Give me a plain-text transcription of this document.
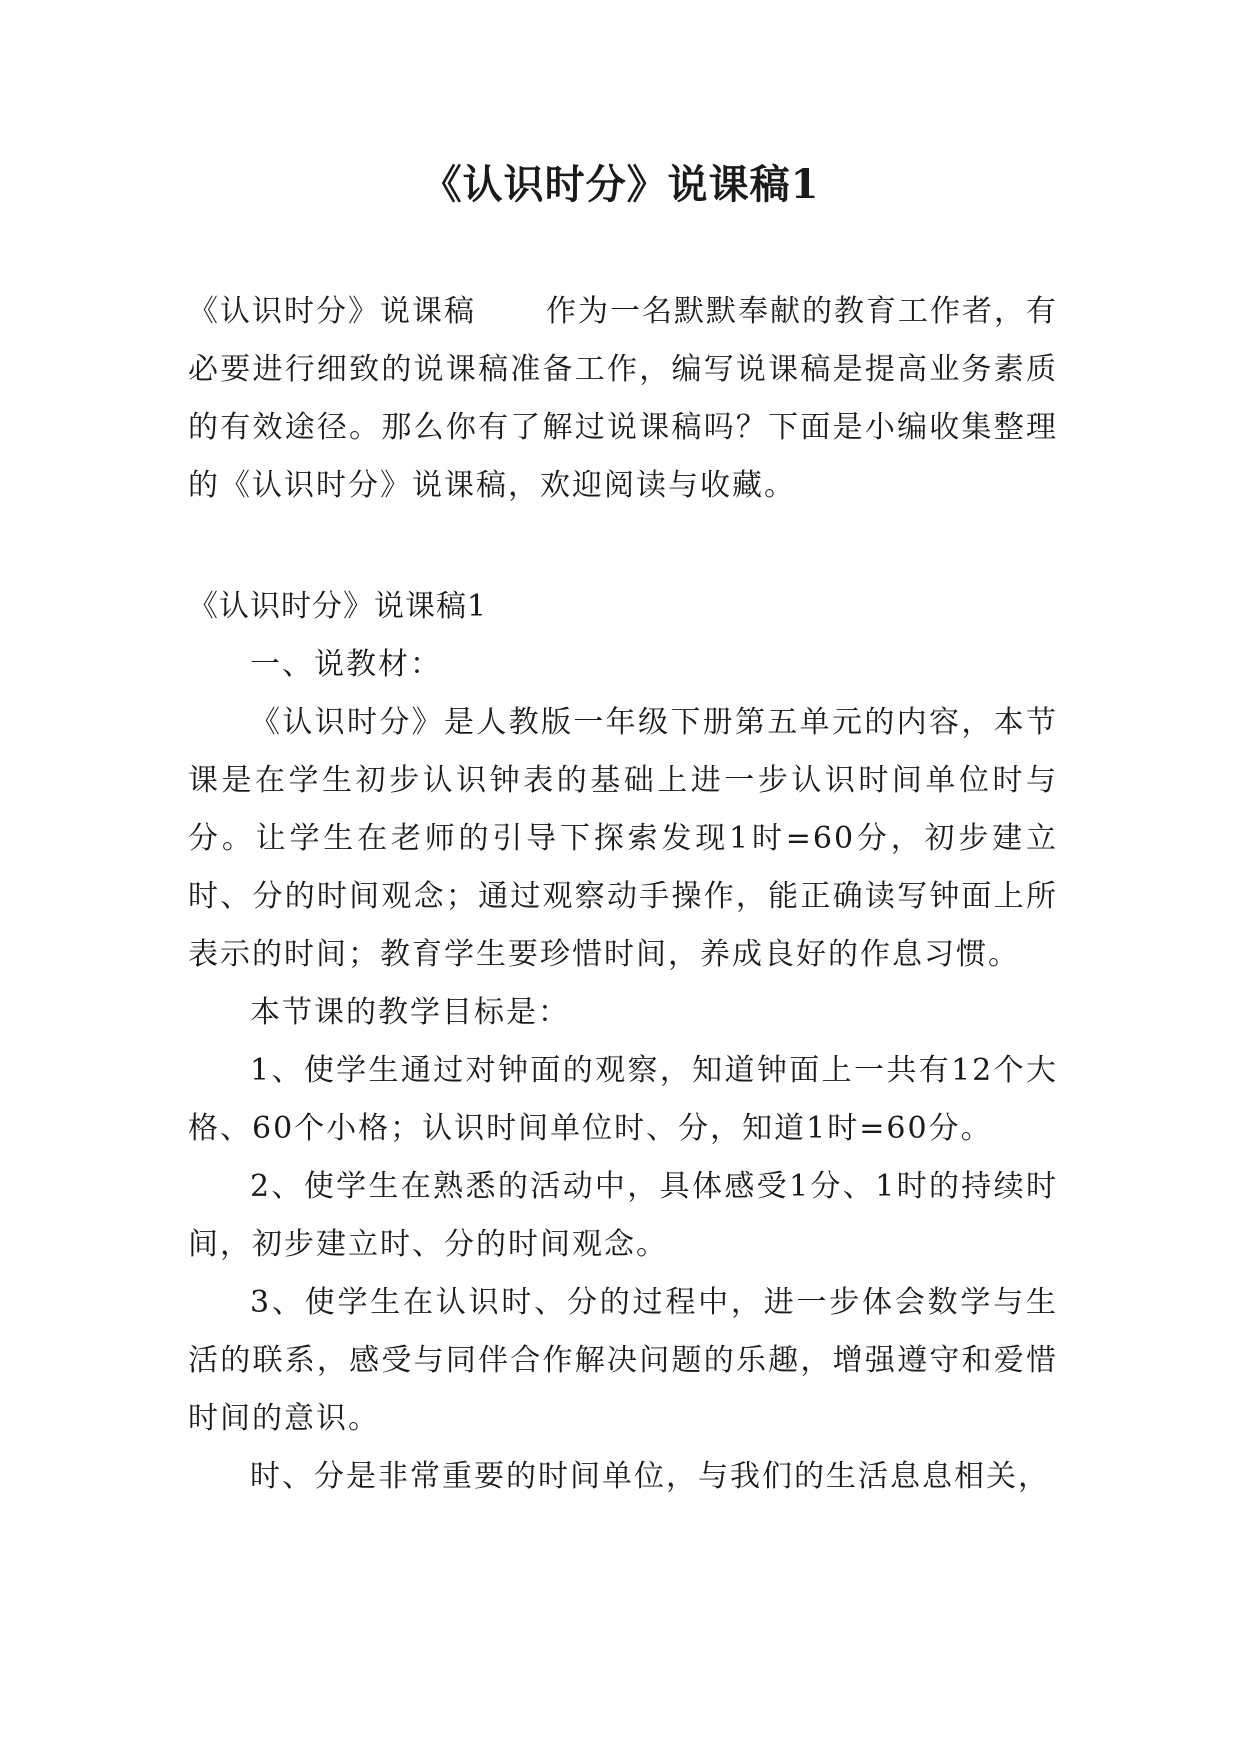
《认识时分》说课稿1

《认识时分》说课稿 作为一名默默奉献的教育工作者，有必要进行细致的说课稿准备工作，编写说课稿是提高业务素质的有效途径。那么你有了解过说课稿吗？下面是小编收集整理的《认识时分》说课稿，欢迎阅读与收藏。

《认识时分》说课稿1

一、说教材：

《认识时分》是人教版一年级下册第五单元的内容，本节课是在学生初步认识钟表的基础上进一步认识时间单位时与分。让学生在老师的引导下探索发现1时=60分，初步建立时、分的时间观念；通过观察动手操作，能正确读写钟面上所表示的时间；教育学生要珍惜时间，养成良好的作息习惯。

本节课的教学目标是：

1、使学生通过对钟面的观察，知道钟面上一共有12个大格、60个小格；认识时间单位时、分，知道1时=60分。

2、使学生在熟悉的活动中，具体感受1分、1时的持续时间，初步建立时、分的时间观念。

3、使学生在认识时、分的过程中，进一步体会数学与生活的联系，感受与同伴合作解决问题的乐趣，增强遵守和爱惜时间的意识。

时、分是非常重要的时间单位，与我们的生活息息相关，
